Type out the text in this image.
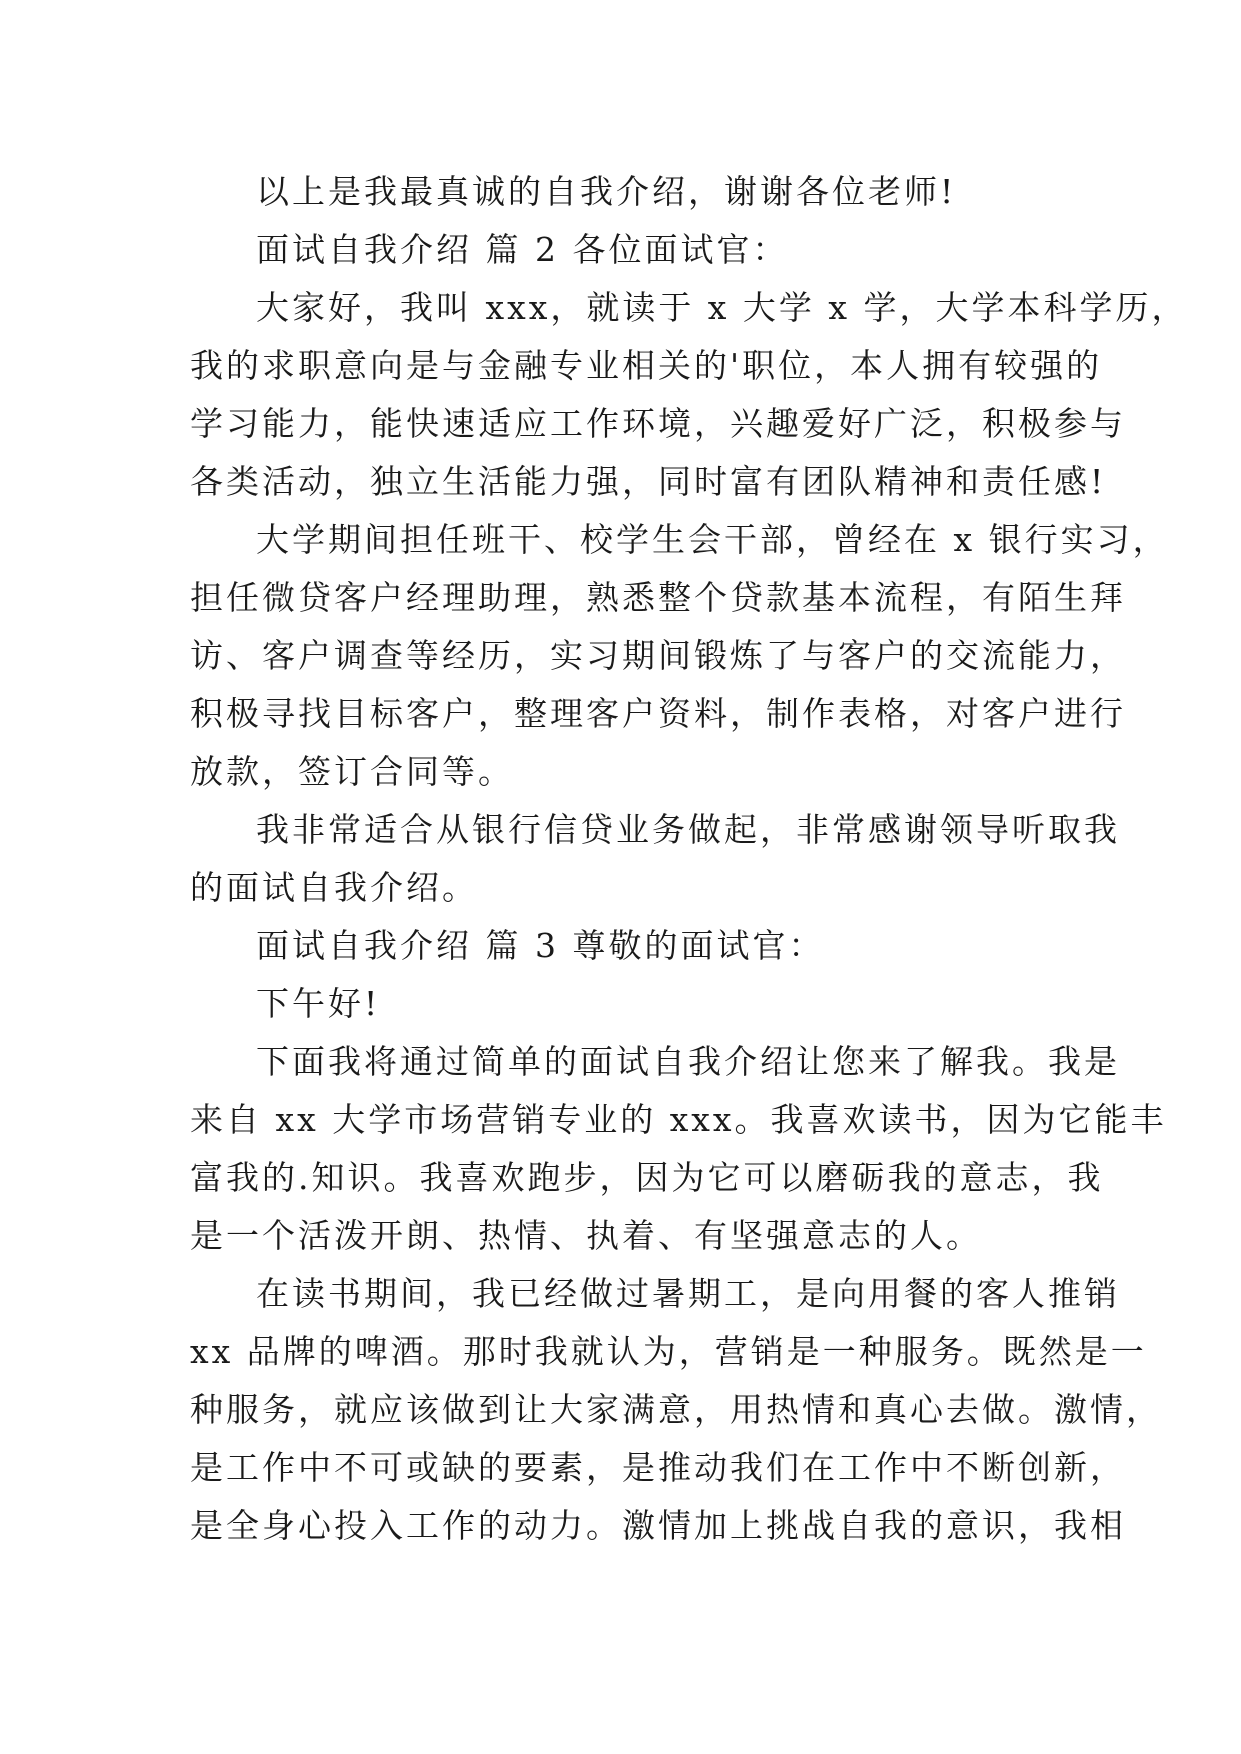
以上是我最真诚的自我介绍，谢谢各位老师!
面试自我介绍 篇 2 各位面试官：
大家好，我叫 xxx，就读于 x 大学 x 学，大学本科学历，
我的求职意向是与金融专业相关的'职位，本人拥有较强的
学习能力，能快速适应工作环境，兴趣爱好广泛，积极参与
各类活动，独立生活能力强，同时富有团队精神和责任感!
大学期间担任班干、校学生会干部，曾经在 x 银行实习，
担任微贷客户经理助理，熟悉整个贷款基本流程，有陌生拜
访、客户调查等经历，实习期间锻炼了与客户的交流能力，
积极寻找目标客户，整理客户资料，制作表格，对客户进行
放款，签订合同等。
我非常适合从银行信贷业务做起，非常感谢领导听取我
的面试自我介绍。
面试自我介绍 篇 3 尊敬的面试官：
下午好!
下面我将通过简单的面试自我介绍让您来了解我。我是
来自 xx 大学市场营销专业的 xxx。我喜欢读书，因为它能丰
富我的.知识。我喜欢跑步，因为它可以磨砺我的意志，我
是一个活泼开朗、热情、执着、有坚强意志的人。
在读书期间，我已经做过暑期工，是向用餐的客人推销
xx 品牌的啤酒。那时我就认为，营销是一种服务。既然是一
种服务，就应该做到让大家满意，用热情和真心去做。激情，
是工作中不可或缺的要素，是推动我们在工作中不断创新，
是全身心投入工作的动力。激情加上挑战自我的意识，我相
